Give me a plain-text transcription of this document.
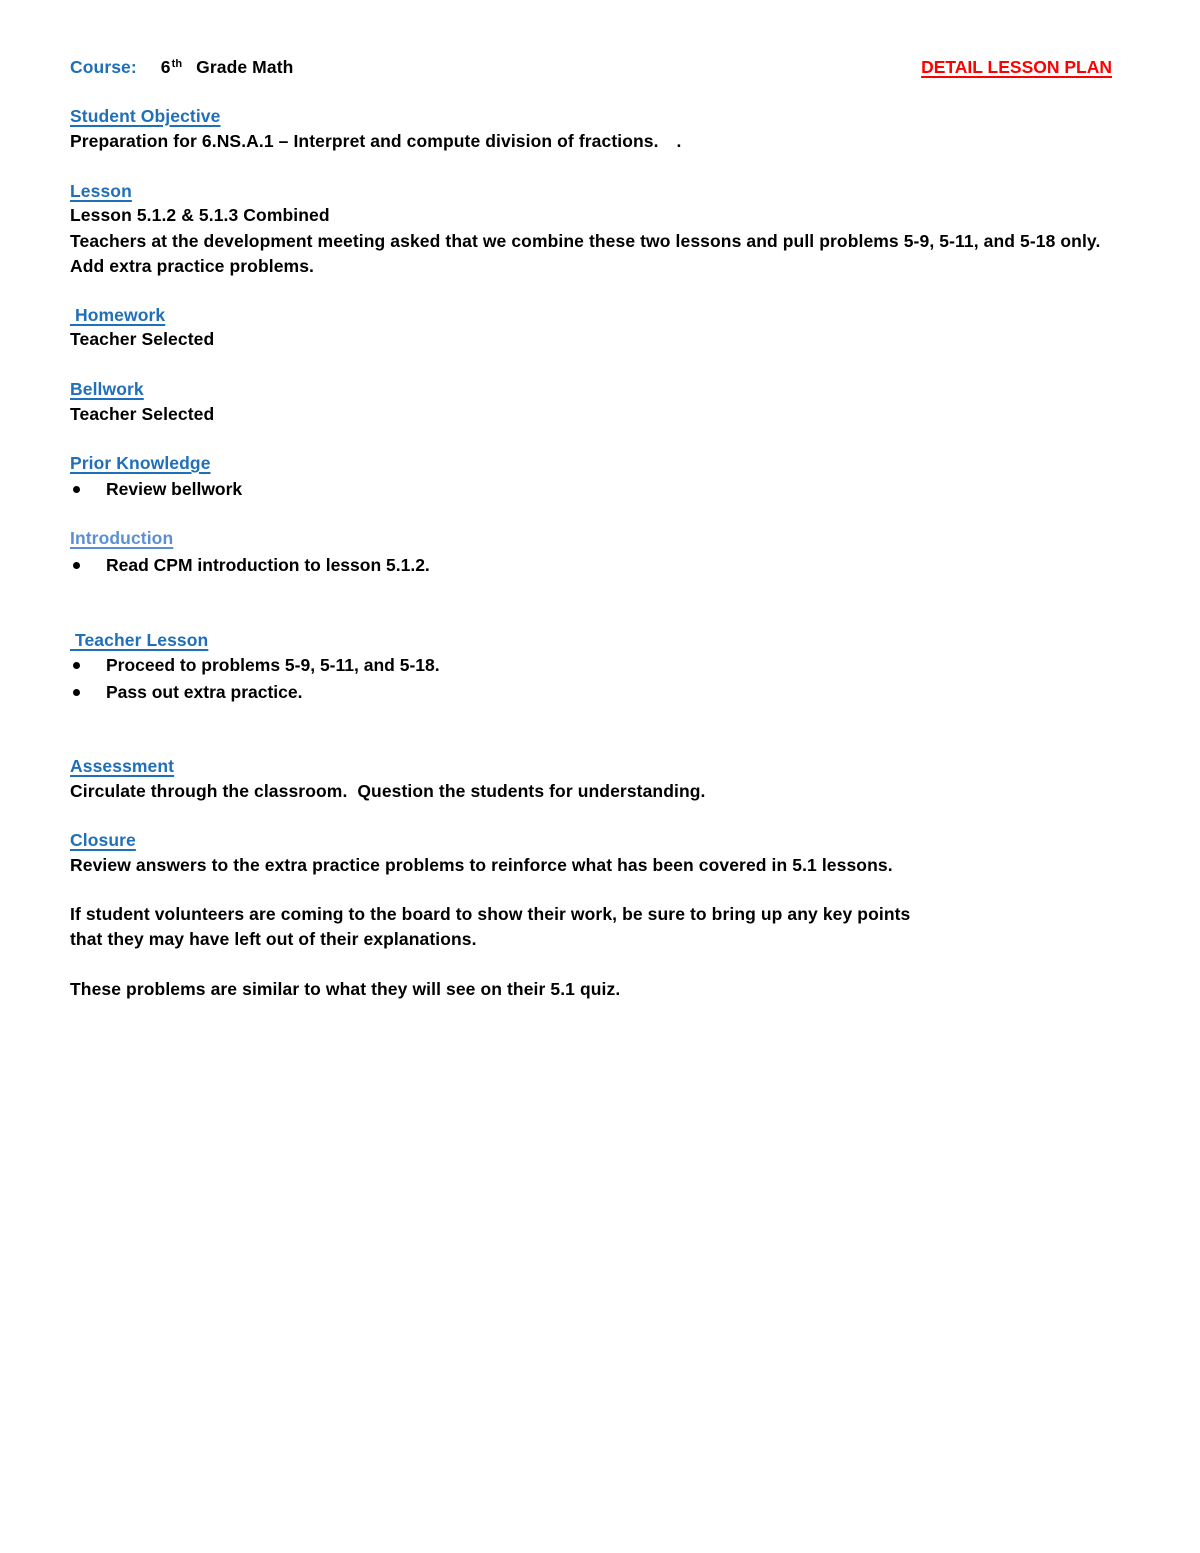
Course: 6th Grade Math	DETAIL LESSON PLAN
Student Objective
Preparation for 6.NS.A.1 – Interpret and compute division of fractions. .
Lesson
Lesson 5.1.2 & 5.1.3 Combined
Teachers at the development meeting asked that we combine these two lessons and pull problems 5-9, 5-11, and 5-18 only.
Add extra practice problems.
Homework
Teacher Selected
Bellwork
Teacher Selected
Prior Knowledge
Review bellwork
Introduction
Read CPM introduction to lesson 5.1.2.
Teacher Lesson
Proceed to problems 5-9, 5-11, and 5-18.
Pass out extra practice.
Assessment
Circulate through the classroom.  Question the students for understanding.
Closure
Review answers to the extra practice problems to reinforce what has been covered in 5.1 lessons.
If student volunteers are coming to the board to show their work, be sure to bring up any key points
that they may have left out of their explanations.
These problems are similar to what they will see on their 5.1 quiz.
